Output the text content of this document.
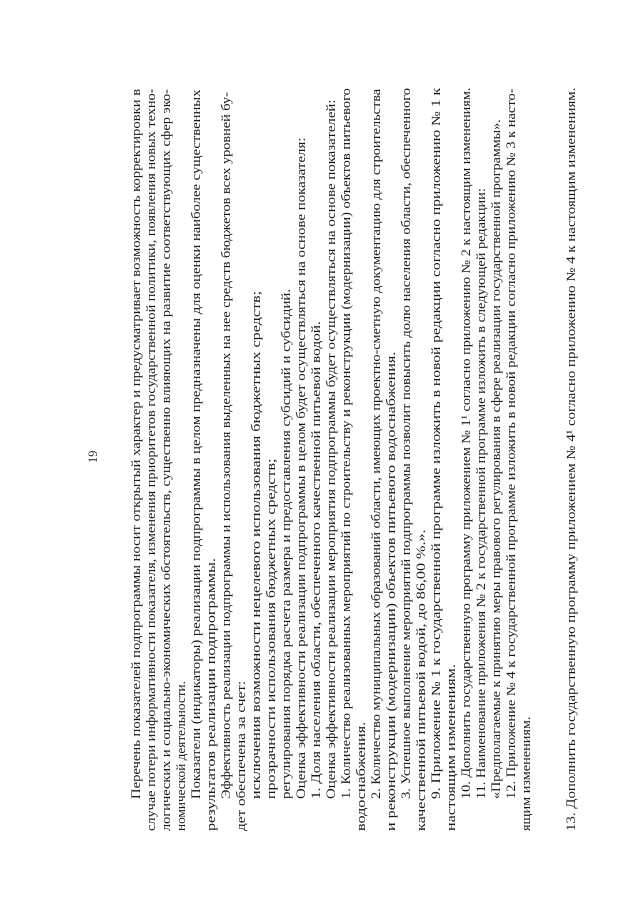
Перечень показателей подпрограммы носит открытый характер и предусматривает возможность корректировки в случае потери информативности показателя, изменения приоритетов государственной политики, появления новых техно- логических и социально-экономических обстоятельств, существенно влияющих на развитие соответствующих сфер эко- номической деятельности. Показатели (индикаторы) реализации подпрограммы в целом предназначены для оценки наиболее существенных результатов реализации подпрограммы. Эффективность реализации подпрограммы и использования выделенных на нее средств бюджетов всех уровней бу- дет обеспечена за счет: исключения возможности нецелевого использования бюджетных средств; прозрачности использования бюджетных средств; регулирования порядка расчета размера и предоставления субсидий и субсидий. Оценка эффективности реализации подпрограммы в целом будет осуществляться на основе показателя: 1. Доля населения области, обеспеченного качественной питьевой водой. Оценка эффективности реализации мероприятия подпрограммы будет осуществляться на основе показателей: 1. Количество реализованных мероприятий по строительству и реконструкции (модернизации) объектов питьевого водоснабжения. 2. Количество муниципальных образований области, имеющих проектно-сметную документацию для строительства и реконструкции (модернизации) объектов питьевого водоснабжения. 3. Успешное выполнение мероприятий подпрограммы позволит повысить долю населения области, обеспеченного качественной питьевой водой, до 86,00 %.». 9. Приложение № 1 к государственной программе изложить в новой редакции согласно приложению № 1 к настоящим изменениям. 10. Дополнить государственную программу приложением № 1¹ согласно приложению № 2 к настоящим изменениям. 11. Наименование приложения № 2 к государственной программе изложить в следующей редакции: «Предполагаемые к принятию меры правового регулирования в сфере реализации государственной программы». 12. Приложение № 4 к государственной программе изложить в новой редакции согласно приложению № 3 к насто- ящим изменениям.	13. Дополнить государственную программу приложением № 4¹ согласно приложению № 4 к настоящим изменениям.
19
